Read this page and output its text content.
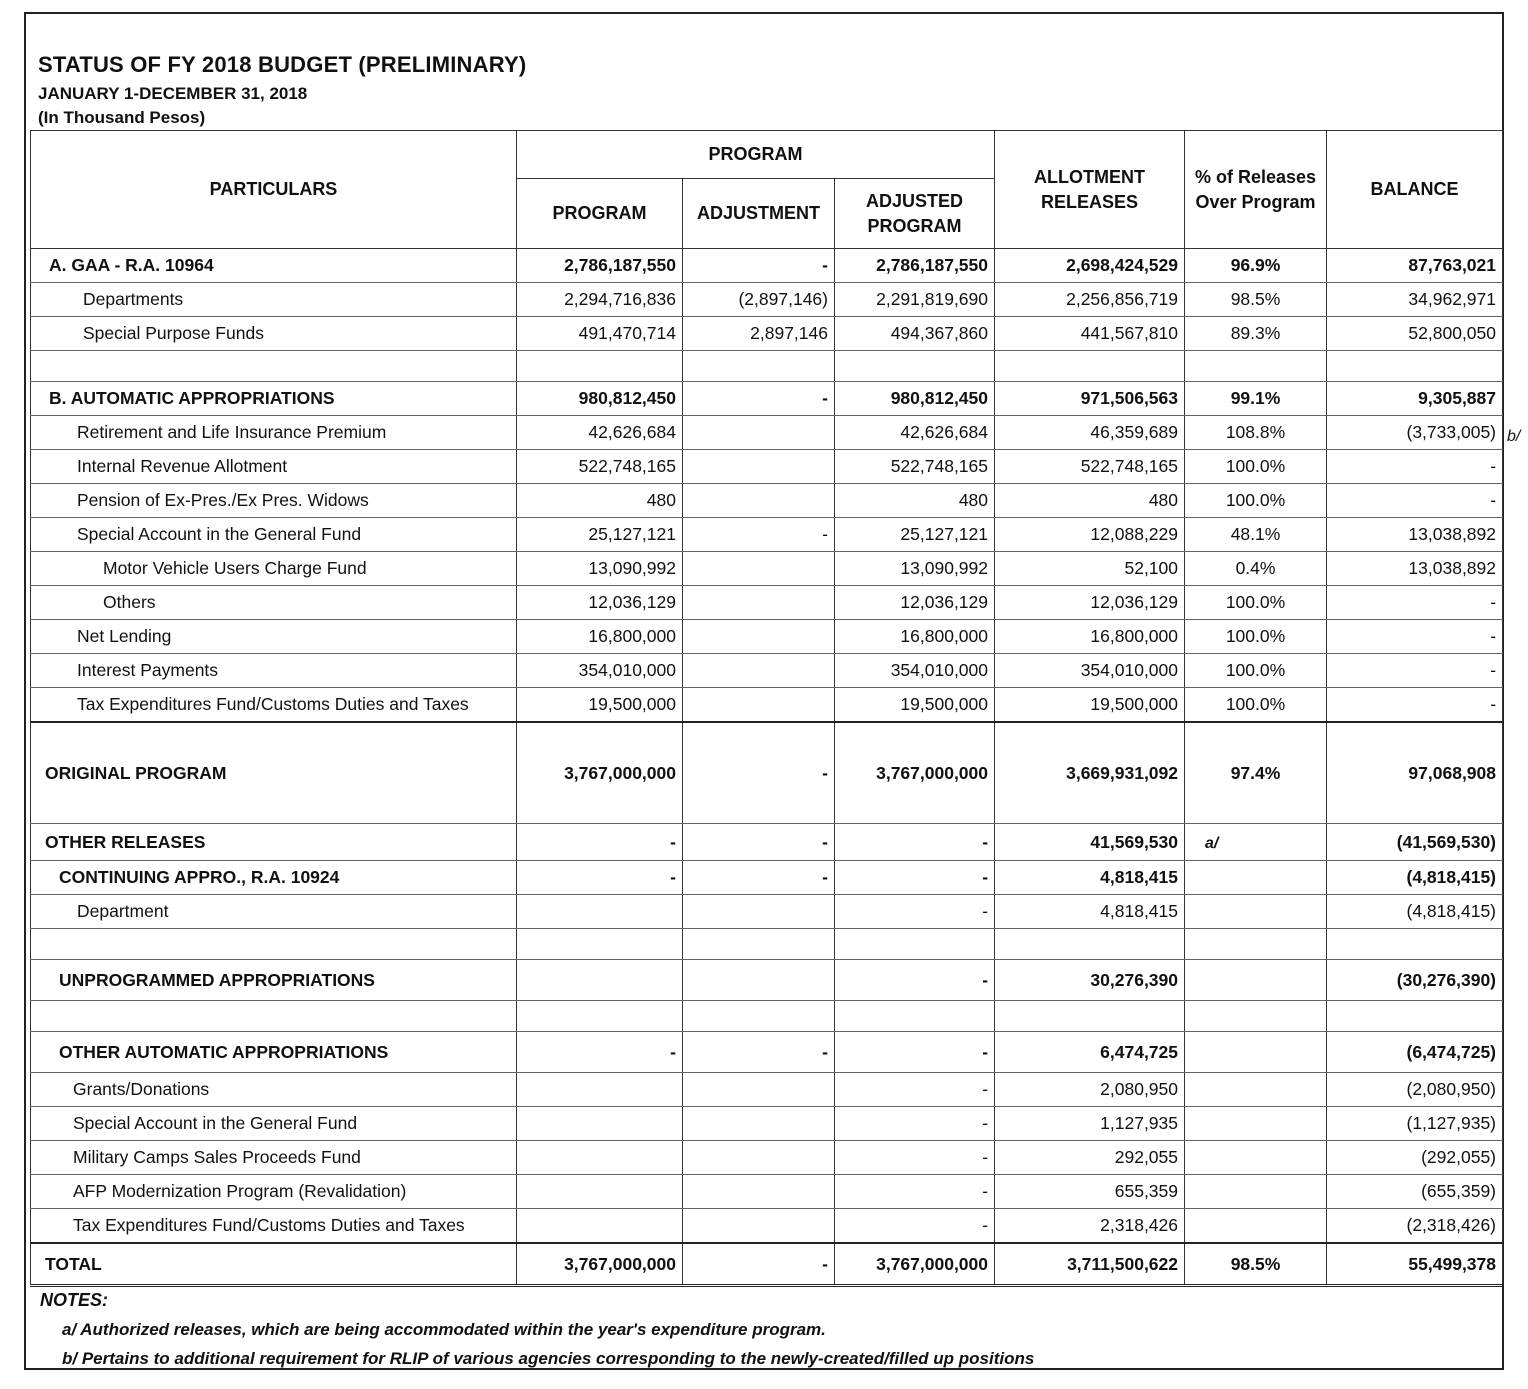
STATUS OF FY 2018 BUDGET (PRELIMINARY)
JANUARY 1-DECEMBER 31, 2018
(In Thousand Pesos)
PARTICULARS	PROGRAM			ALLOTMENT RELEASES	% of Releases Over Program	BALANCE
	PROGRAM	ADJUSTMENT	ADJUSTED PROGRAM			
A. GAA - R.A. 10964	2,786,187,550	-	2,786,187,550	2,698,424,529	96.9%	87,763,021
Departments	2,294,716,836	(2,897,146)	2,291,819,690	2,256,856,719	98.5%	34,962,971
Special Purpose Funds	491,470,714	2,897,146	494,367,860	441,567,810	89.3%	52,800,050

B. AUTOMATIC APPROPRIATIONS	980,812,450	-	980,812,450	971,506,563	99.1%	9,305,887
Retirement and Life Insurance Premium	42,626,684		42,626,684	46,359,689	108.8%	(3,733,005)
Internal Revenue Allotment	522,748,165		522,748,165	522,748,165	100.0%	-
Pension of Ex-Pres./Ex Pres. Widows	480		480	480	100.0%	-
Special Account in the General Fund	25,127,121	-	25,127,121	12,088,229	48.1%	13,038,892
Motor Vehicle Users Charge Fund	13,090,992		13,090,992	52,100	0.4%	13,038,892
Others	12,036,129		12,036,129	12,036,129	100.0%	-
Net Lending	16,800,000		16,800,000	16,800,000	100.0%	-
Interest Payments	354,010,000		354,010,000	354,010,000	100.0%	-
Tax Expenditures Fund/Customs Duties and Taxes	19,500,000		19,500,000	19,500,000	100.0%	-
ORIGINAL PROGRAM	3,767,000,000	-	3,767,000,000	3,669,931,092	97.4%	97,068,908
OTHER RELEASES	-	-	-	41,569,530	a/	(41,569,530)
CONTINUING APPRO., R.A. 10924	-	-	-	4,818,415		(4,818,415)
Department			-	4,818,415		(4,818,415)

UNPROGRAMMED APPROPRIATIONS			-	30,276,390		(30,276,390)

OTHER AUTOMATIC APPROPRIATIONS	-	-	-	6,474,725		(6,474,725)
Grants/Donations			-	2,080,950		(2,080,950)
Special Account in the General Fund			-	1,127,935		(1,127,935)
Military Camps Sales Proceeds Fund			-	292,055		(292,055)
AFP Modernization Program (Revalidation)			-	655,359		(655,359)
Tax Expenditures Fund/Customs Duties and Taxes			-	2,318,426		(2,318,426)
TOTAL	3,767,000,000	-	3,767,000,000	3,711,500,622	98.5%	55,499,378
NOTES:
a/ Authorized releases, which are being accommodated within the year's expenditure program.
b/ Pertains to additional requirement for RLIP of various agencies corresponding to the newly-created/filled up positions
b/
